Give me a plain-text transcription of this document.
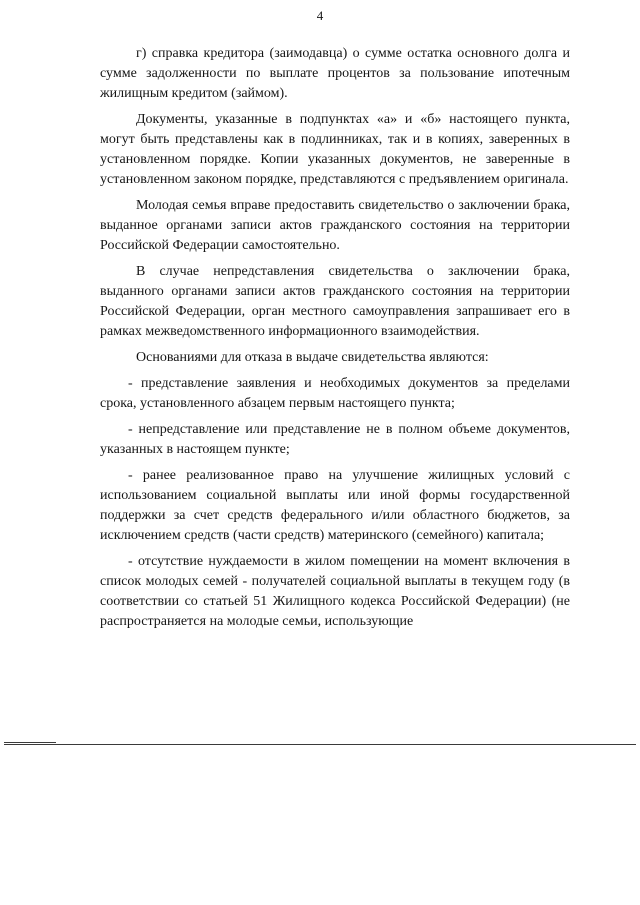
4

г) справка кредитора (заимодавца) о сумме остатка основного долга и сумме задолженности по выплате процентов за пользование ипотечным жилищным кредитом (займом).

Документы, указанные в подпунктах «а» и «б» настоящего пункта, могут быть представлены как в подлинниках, так и в копиях, заверенных в установленном порядке. Копии указанных документов, не заверенные в установленном законом порядке, представляются с предъявлением оригинала.

Молодая семья вправе предоставить свидетельство о заключении брака, выданное органами записи актов гражданского состояния на территории Российской Федерации самостоятельно.

В случае непредставления свидетельства о заключении брака, выданного органами записи актов гражданского состояния на территории Российской Федерации, орган местного самоуправления запрашивает его в рамках межведомственного информационного взаимодействия.

Основаниями для отказа в выдаче свидетельства являются:

- представление заявления и необходимых документов за пределами срока, установленного абзацем первым настоящего пункта;

- непредставление или представление не в полном объеме документов, указанных в настоящем пункте;

- ранее реализованное право на улучшение жилищных условий с использованием социальной выплаты или иной формы государственной поддержки за счет средств федерального и/или областного бюджетов, за исключением средств (части средств) материнского (семейного) капитала;

- отсутствие нуждаемости в жилом помещении на момент включения в список молодых семей - получателей социальной выплаты в текущем году (в соответствии со статьей 51 Жилищного кодекса Российской Федерации) (не распространяется на молодые семьи, использующие
